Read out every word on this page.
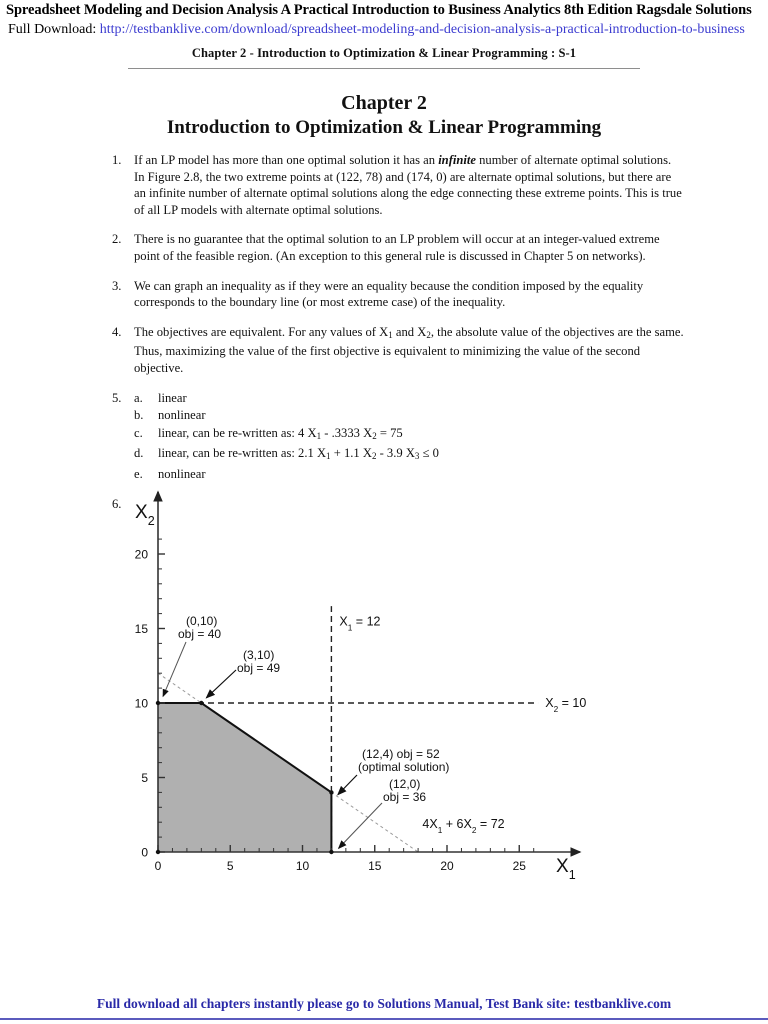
Spreadsheet Modeling and Decision Analysis A Practical Introduction to Business Analytics 8th Edition Ragsdale Solutions
Full Download: http://testbanklive.com/download/spreadsheet-modeling-and-decision-analysis-a-practical-introduction-to-business
Chapter 2 - Introduction to Optimization & Linear Programming : S-1
Chapter 2
Introduction to Optimization & Linear Programming
1. If an LP model has more than one optimal solution it has an infinite number of alternate optimal solutions. In Figure 2.8, the two extreme points at (122, 78) and (174, 0) are alternate optimal solutions, but there are an infinite number of alternate optimal solutions along the edge connecting these extreme points. This is true of all LP models with alternate optimal solutions.
2. There is no guarantee that the optimal solution to an LP problem will occur at an integer-valued extreme point of the feasible region. (An exception to this general rule is discussed in Chapter 5 on networks).
3. We can graph an inequality as if they were an equality because the condition imposed by the equality corresponds to the boundary line (or most extreme case) of the inequality.
4. The objectives are equivalent. For any values of $X_1$ and $X_2$, the absolute value of the objectives are the same. Thus, maximizing the value of the first objective is equivalent to minimizing the value of the second objective.
5. a.	linear
b.	nonlinear
c.	linear, can be re-written as: 4 $X_1 - .3333$ $X_2 = 75$
d.	linear, can be re-written as: 2.1 $X_1 + 1.1$ $X_2 - 3.9$ $X_3 \le 0$
e.	nonlinear
6.
0	5	10	15	20	25
0
5
10
15
20
$X_1$
$X_2$
$X_1 = 12$
$X_2 = 10$
$4X_1 + 6X_2 = 72$
(0,10)
obj = 40
(3,10)
obj = 49
(12,4) obj = 52
(optimal solution)
(12,0)
obj = 36
Full download all chapters instantly please go to Solutions Manual, Test Bank site: testbanklive.com
